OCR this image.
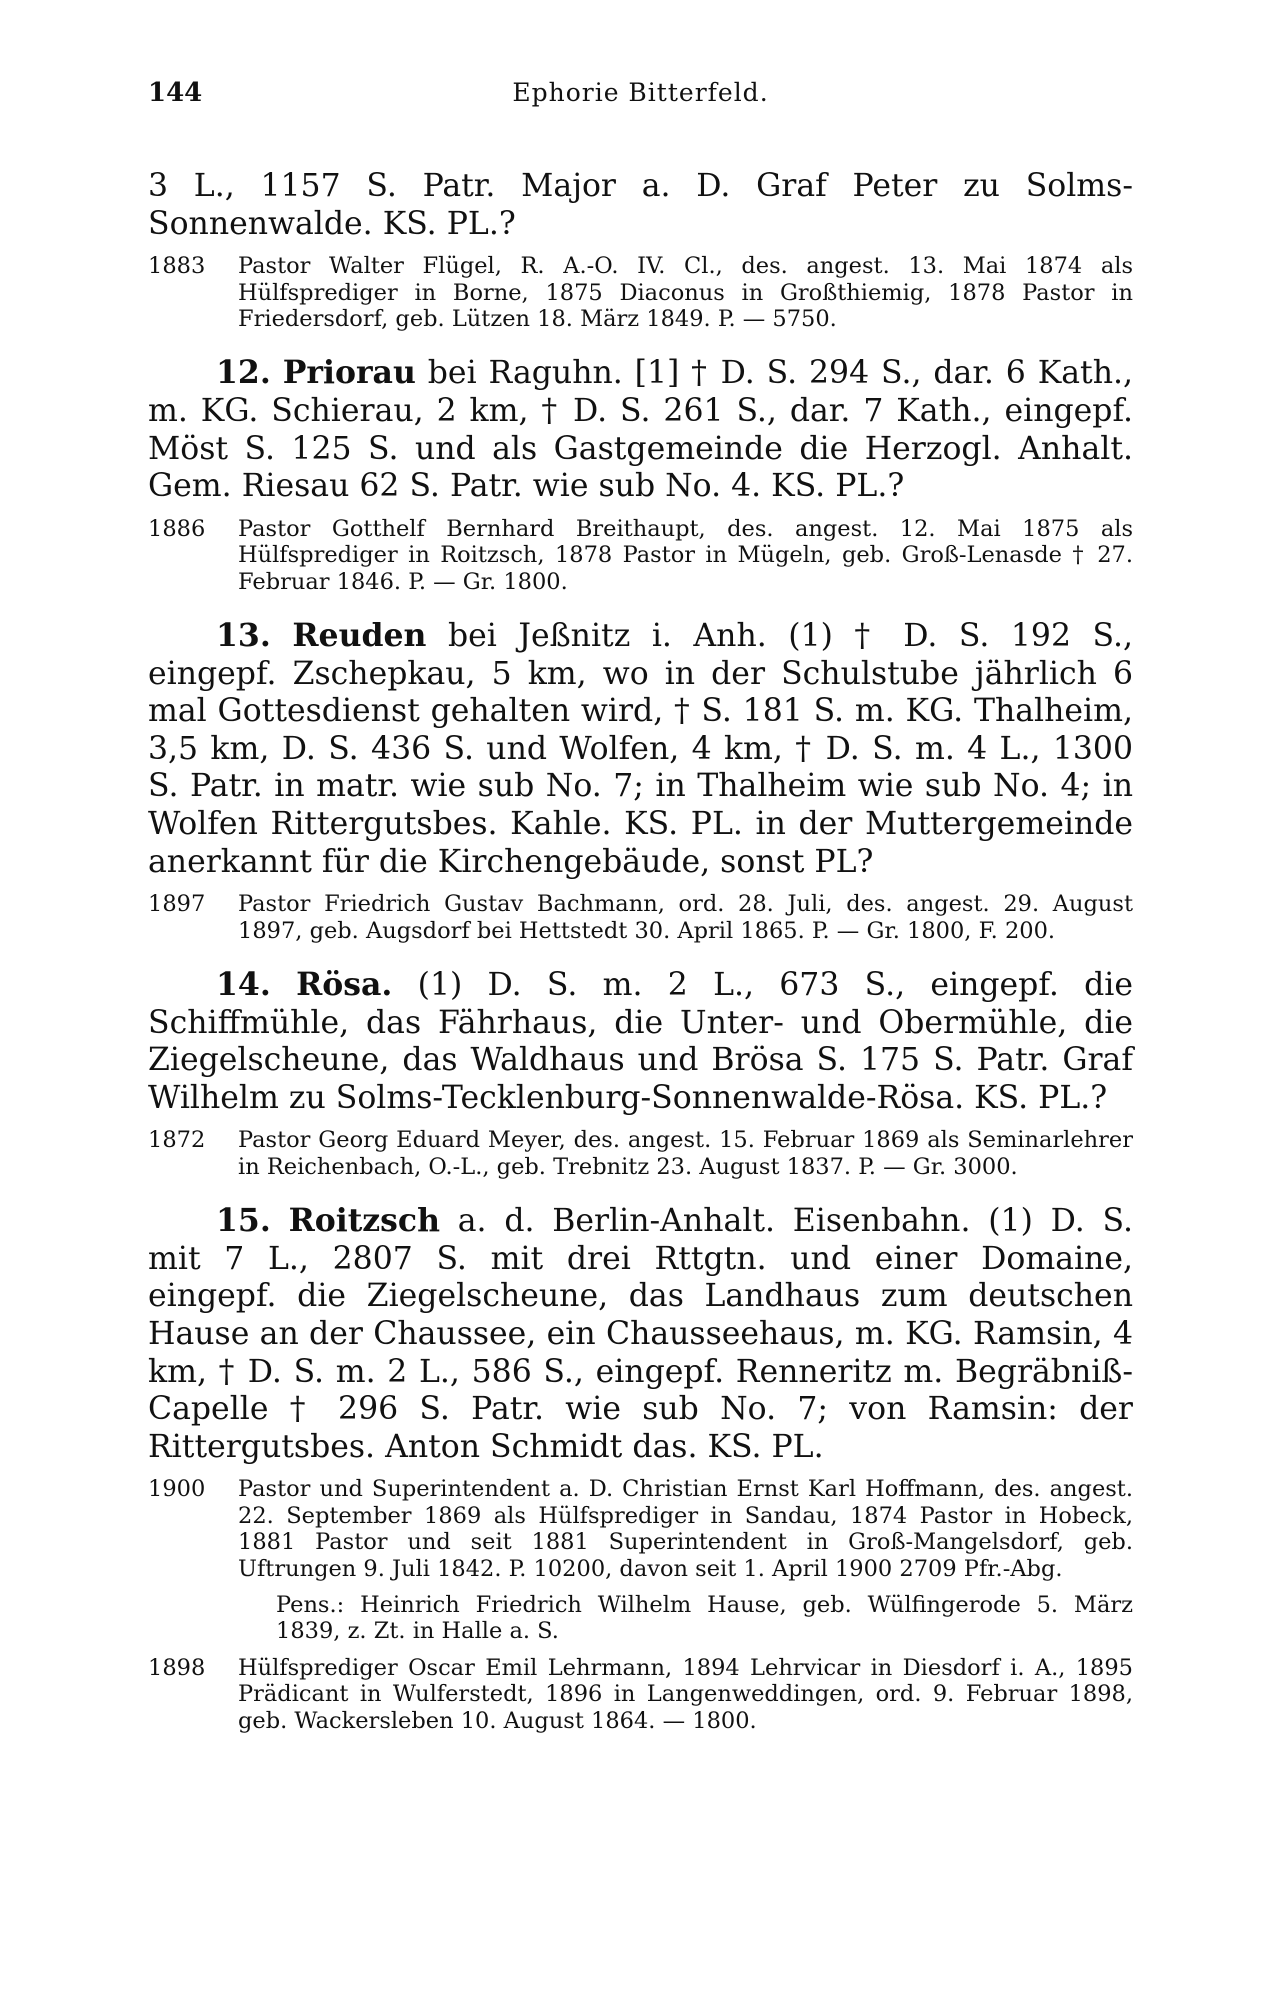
144	Ephorie Bitterfeld.

3 L., 1157 S. Patr. Major a. D. Graf Peter zu Solms-Sonnenwalde. KS. PL.?

1883	Pastor Walter Flügel, R. A.-O. IV. Cl., des. angest. 13. Mai 1874 als Hülfsprediger in Borne, 1875 Diaconus in Großthiemig, 1878 Pastor in Friedersdorf, geb. Lützen 18. März 1849. P. — 5750.

12. Priorau bei Raguhn. [1] † D. S. 294 S., dar. 6 Kath., m. KG. Schierau, 2 km, † D. S. 261 S., dar. 7 Kath., eingepf. Möst S. 125 S. und als Gastgemeinde die Herzogl. Anhalt. Gem. Riesau 62 S. Patr. wie sub No. 4. KS. PL.?

1886	Pastor Gotthelf Bernhard Breithaupt, des. angest. 12. Mai 1875 als Hülfsprediger in Roitzsch, 1878 Pastor in Mügeln, geb. Groß-Lenasde † 27. Februar 1846. P. — Gr. 1800.

13. Reuden bei Jeßnitz i. Anh. (1) † D. S. 192 S., eingepf. Zschepkau, 5 km, wo in der Schulstube jährlich 6 mal Gottesdienst gehalten wird, † S. 181 S. m. KG. Thalheim, 3,5 km, D. S. 436 S. und Wolfen, 4 km, † D. S. m. 4 L., 1300 S. Patr. in matr. wie sub No. 7; in Thalheim wie sub No. 4; in Wolfen Rittergutsbes. Kahle. KS. PL. in der Muttergemeinde anerkannt für die Kirchengebäude, sonst PL?

1897	Pastor Friedrich Gustav Bachmann, ord. 28. Juli, des. angest. 29. August 1897, geb. Augsdorf bei Hettstedt 30. April 1865. P. — Gr. 1800, F. 200.

14. Rösa. (1) D. S. m. 2 L., 673 S., eingepf. die Schiffmühle, das Fährhaus, die Unter- und Obermühle, die Ziegelscheune, das Waldhaus und Brösa S. 175 S. Patr. Graf Wilhelm zu Solms-Tecklenburg-Sonnenwalde-Rösa. KS. PL.?

1872	Pastor Georg Eduard Meyer, des. angest. 15. Februar 1869 als Seminarlehrer in Reichenbach, O.-L., geb. Trebnitz 23. August 1837. P. — Gr. 3000.

15. Roitzsch a. d. Berlin-Anhalt. Eisenbahn. (1) D. S. mit 7 L., 2807 S. mit drei Rttgtn. und einer Domaine, eingepf. die Ziegelscheune, das Landhaus zum deutschen Hause an der Chaussee, ein Chausseehaus, m. KG. Ramsin, 4 km, † D. S. m. 2 L., 586 S., eingepf. Renneritz m. Begräbniß-Capelle † 296 S. Patr. wie sub No. 7; von Ramsin: der Rittergutsbes. Anton Schmidt das. KS. PL.

1900	Pastor und Superintendent a. D. Christian Ernst Karl Hoffmann, des. angest. 22. September 1869 als Hülfsprediger in Sandau, 1874 Pastor in Hobeck, 1881 Pastor und seit 1881 Superintendent in Groß-Mangelsdorf, geb. Uftrungen 9. Juli 1842. P. 10200, davon seit 1. April 1900 2709 Pfr.-Abg.
Pens.: Heinrich Friedrich Wilhelm Hause, geb. Wülfingerode 5. März 1839, z. Zt. in Halle a. S.
1898	Hülfsprediger Oscar Emil Lehrmann, 1894 Lehrvicar in Diesdorf i. A., 1895 Prädicant in Wulferstedt, 1896 in Langenweddingen, ord. 9. Februar 1898, geb. Wackersleben 10. August 1864. — 1800.
